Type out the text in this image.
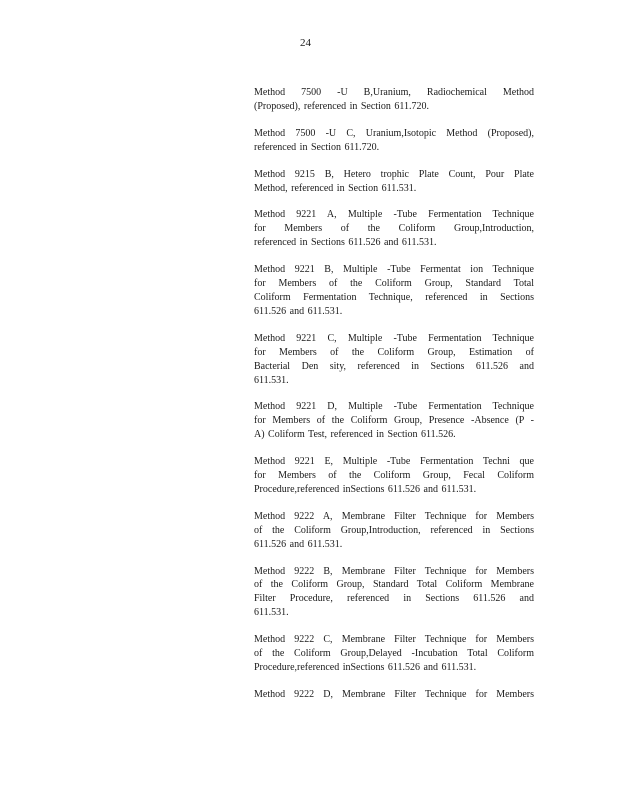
24
Method 7500 -U B,Uranium, Radiochemical Method
(Proposed), referenced in Section 611.720.
Method 7500 -U C, Uranium,Isotopic Method (Proposed),
referenced in Section 611.720.
Method 9215 B, Hetero trophic Plate Count, Pour Plate
Method, referenced in Section 611.531.
Method 9221 A, Multiple -Tube Fermentation Technique
for Members of the Coliform Group,Introduction,
referenced in Sections 611.526 and 611.531.
Method 9221 B, Multiple -Tube Fermentat ion Technique
for Members of the Coliform Group, Standard Total
Coliform Fermentation Technique, referenced in Sections
611.526 and 611.531.
Method 9221 C, Multiple -Tube Fermentation Technique
for Members of the Coliform Group, Estimation of
Bacterial Den sity, referenced in Sections 611.526 and
611.531.
Method 9221 D, Multiple -Tube Fermentation Technique
for Members of the Coliform Group, Presence -Absence (P -
A) Coliform Test, referenced in Section 611.526.
Method 9221 E, Multiple -Tube Fermentation Techni que
for Members of the Coliform Group, Fecal Coliform
Procedure,referenced inSections 611.526 and 611.531.
Method 9222 A, Membrane Filter Technique for Members
of the Coliform Group,Introduction, referenced in Sections
611.526 and 611.531.
Method 9222 B, Membrane Filter Technique for Members
of the Coliform Group, Standard Total Coliform Membrane
Filter Procedure, referenced in Sections 611.526 and
611.531.
Method 9222 C, Membrane Filter Technique for Members
of the Coliform Group,Delayed -Incubation Total Coliform
Procedure,referenced inSections 611.526 and 611.531.
Method 9222 D, Membrane Filter Technique for Members
